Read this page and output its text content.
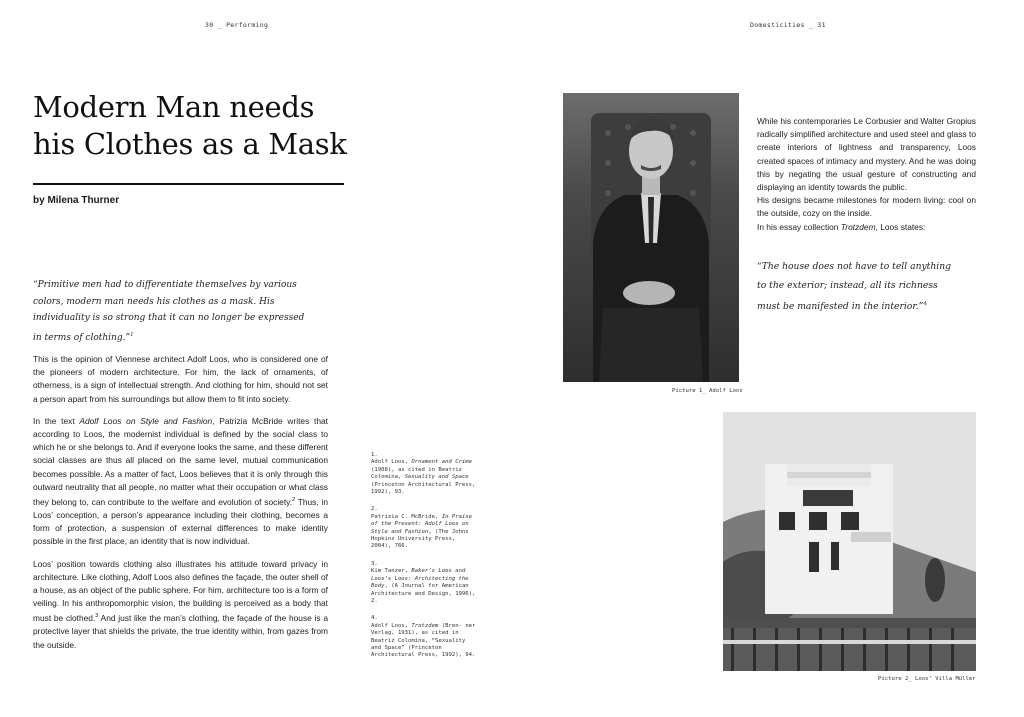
30 _ Performing	Domesticities _ 31
Modern Man needs
his Clothes as a Mask
by Milena Thurner
“Primitive men had to differentiate themselves by various colors, modern man needs his clothes as a mask. His individuality is so strong that it can no longer be expressed in terms of clothing.”$^1$

This is the opinion of Viennese architect Adolf Loos, who is considered one of the pioneers of modern architecture. For him, the lack of ornaments, of otherness, is a sign of intellectual strength. And clothing for him, should not set a person apart from his surroundings but allow them to fit into society.

In the text Adolf Loos on Style and Fashion, Patrizia McBride writes that according to Loos, the modernist individual is defined by the social class to which he or she belongs to. And if everyone looks the same, and these different social classes are thus all placed on the same level, mutual communication becomes possible. As a matter of fact, Loos believes that it is only through this outward neutrality that all people, no matter what their occupation or what class they belong to, can contribute to the welfare and evolution of society.$^2$ Thus, in Loos’ conception, a person’s appearance including their clothing, becomes a form of protection, a suspension of external differences to make identity possible in the first place, an identity that is now individual.

Loos’ position towards clothing also illustrates his attitude toward privacy in architecture. Like clothing, Adolf Loos also defines the façade, the outer shell of a house, as an object of the public sphere. For him, architecture too is a form of veiling. In his anthropomorphic vision, the building is perceived as a body that must be clothed.$^3$ And just like the man’s clothing, the façade of the house is a protective layer that shields the private, the true identity within, from gazes from the outside.

1.
Adolf Loos, Ornament and Crime (1908), as cited in Beatriz Colomina, Sexuality and Space (Princeton Architectural Press, 1992), 93.
2.
Patrizia C. McBride, In Praise of the Present: Adolf Loos on Style and Fashion, (The Johns Hopkins University Press, 2004), 766.
3.
Kim Tanzer, Baker’s Loos and Loos’s Loos: Architecting the Body, (A Journal for American Architecture and Design, 1996), 2.
4.
Adolf Loos, Trotzdem (Bren- ner Verlag, 1931), as cited in Beatriz Colomina, “Sexuality and Space” (Princeton Architectural Press, 1992), 94.
Picture 1_ Adolf Loos
While his contemporaries Le Corbusier and Walter Gropius radically simplified architecture and used steel and glass to create interiors of lightness and transparency, Loos created spaces of intimacy and mystery. And he was doing this by negating the usual gesture of constructing and displaying an identity towards the public.
His designs became milestones for modern living: cool on the outside, cozy on the inside.
In his essay collection Trotzdem, Loos states:
“The house does not have to tell anything to the exterior; instead, all its richness must be manifested in the interior.”$^4$
Picture 2_ Loos’ Villa Müller
